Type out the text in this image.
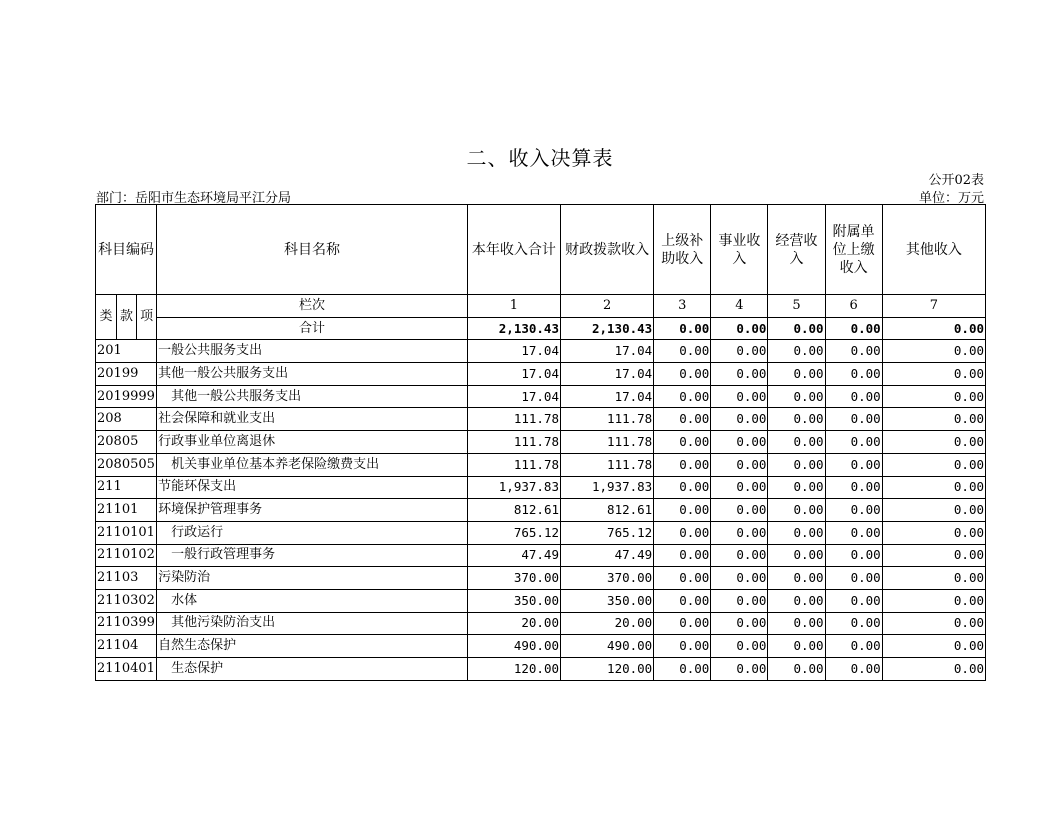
二、收入决算表
公开02表
部门：岳阳市生态环境局平江分局	单位：万元
科目编码			科目名称	本年收入合计	财政拨款收入	上级补助收入	事业收入	经营收入	附属单位上缴收入	其他收入
类	款	项	栏次	1	2	3	4	5	6	7
			合计	2,130.43	2,130.43	0.00	0.00	0.00	0.00	0.00
201			一般公共服务支出	17.04	17.04	0.00	0.00	0.00	0.00	0.00
20199			其他一般公共服务支出	17.04	17.04	0.00	0.00	0.00	0.00	0.00
2019999			其他一般公共服务支出	17.04	17.04	0.00	0.00	0.00	0.00	0.00
208			社会保障和就业支出	111.78	111.78	0.00	0.00	0.00	0.00	0.00
20805			行政事业单位离退休	111.78	111.78	0.00	0.00	0.00	0.00	0.00
2080505			机关事业单位基本养老保险缴费支出	111.78	111.78	0.00	0.00	0.00	0.00	0.00
211			节能环保支出	1,937.83	1,937.83	0.00	0.00	0.00	0.00	0.00
21101			环境保护管理事务	812.61	812.61	0.00	0.00	0.00	0.00	0.00
2110101			行政运行	765.12	765.12	0.00	0.00	0.00	0.00	0.00
2110102			一般行政管理事务	47.49	47.49	0.00	0.00	0.00	0.00	0.00
21103			污染防治	370.00	370.00	0.00	0.00	0.00	0.00	0.00
2110302			水体	350.00	350.00	0.00	0.00	0.00	0.00	0.00
2110399			其他污染防治支出	20.00	20.00	0.00	0.00	0.00	0.00	0.00
21104			自然生态保护	490.00	490.00	0.00	0.00	0.00	0.00	0.00
2110401			生态保护	120.00	120.00	0.00	0.00	0.00	0.00	0.00
